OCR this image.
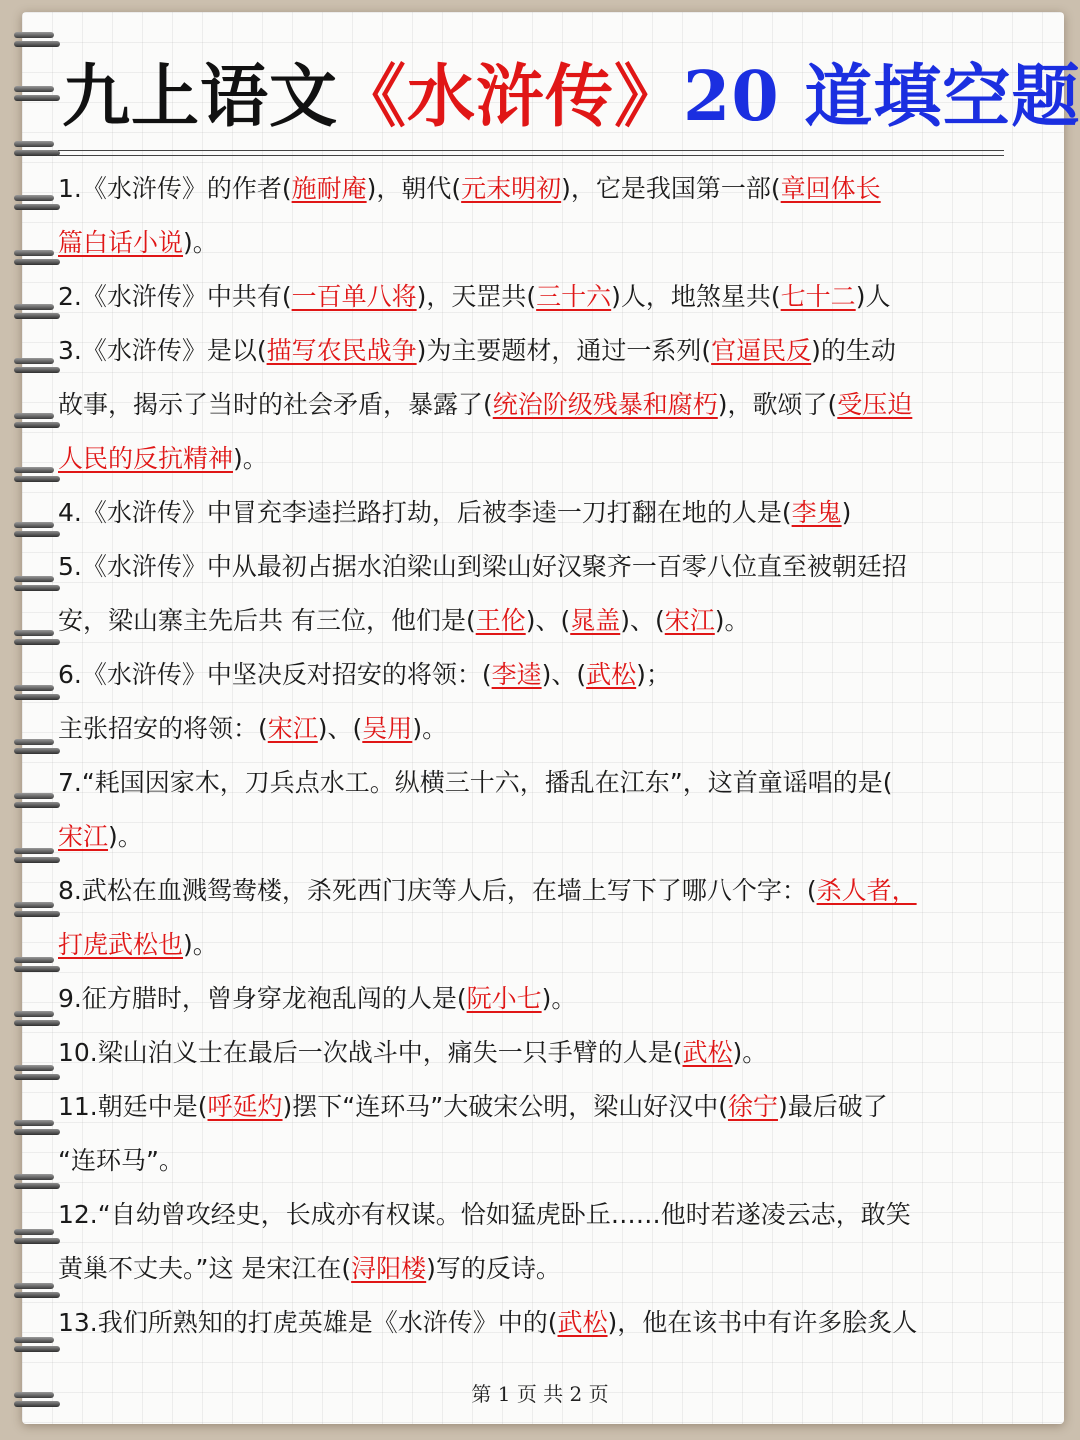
九上语文《水浒传》20 道填空题
1.《水浒传》的作者(施耐庵)，朝代(元末明初)，它是我国第一部(章回体长
篇白话小说)。
2.《水浒传》中共有(一百单八将)，天罡共(三十六)人，地煞星共(七十二)人
3.《水浒传》是以(描写农民战争)为主要题材，通过一系列(官逼民反)的生动
故事，揭示了当时的社会矛盾，暴露了(统治阶级残暴和腐朽)，歌颂了(受压迫
人民的反抗精神)。
4.《水浒传》中冒充李逵拦路打劫，后被李逵一刀打翻在地的人是(李鬼)
5.《水浒传》中从最初占据水泊梁山到梁山好汉聚齐一百零八位直至被朝廷招
安，梁山寨主先后共 有三位，他们是(王伦)、(晁盖)、(宋江)。
6.《水浒传》中坚决反对招安的将领：(李逵)、(武松)；
主张招安的将领：(宋江)、(吴用)。
7.“耗国因家木，刀兵点水工。纵横三十六，播乱在江东”，这首童谣唱的是(
宋江)。
8.武松在血溅鸳鸯楼，杀死西门庆等人后，在墙上写下了哪八个字：(杀人者，
打虎武松也)。
9.征方腊时，曾身穿龙袍乱闯的人是(阮小七)。
10.梁山泊义士在最后一次战斗中，痛失一只手臂的人是(武松)。
11.朝廷中是(呼延灼)摆下“连环马”大破宋公明，梁山好汉中(徐宁)最后破了
“连环马”。
12.“自幼曾攻经史，长成亦有权谋。恰如猛虎卧丘……他时若遂凌云志，敢笑
黄巢不丈夫。”这 是宋江在(浔阳楼)写的反诗。
13.我们所熟知的打虎英雄是《水浒传》中的(武松)，他在该书中有许多脍炙人
第 1 页 共 2 页
